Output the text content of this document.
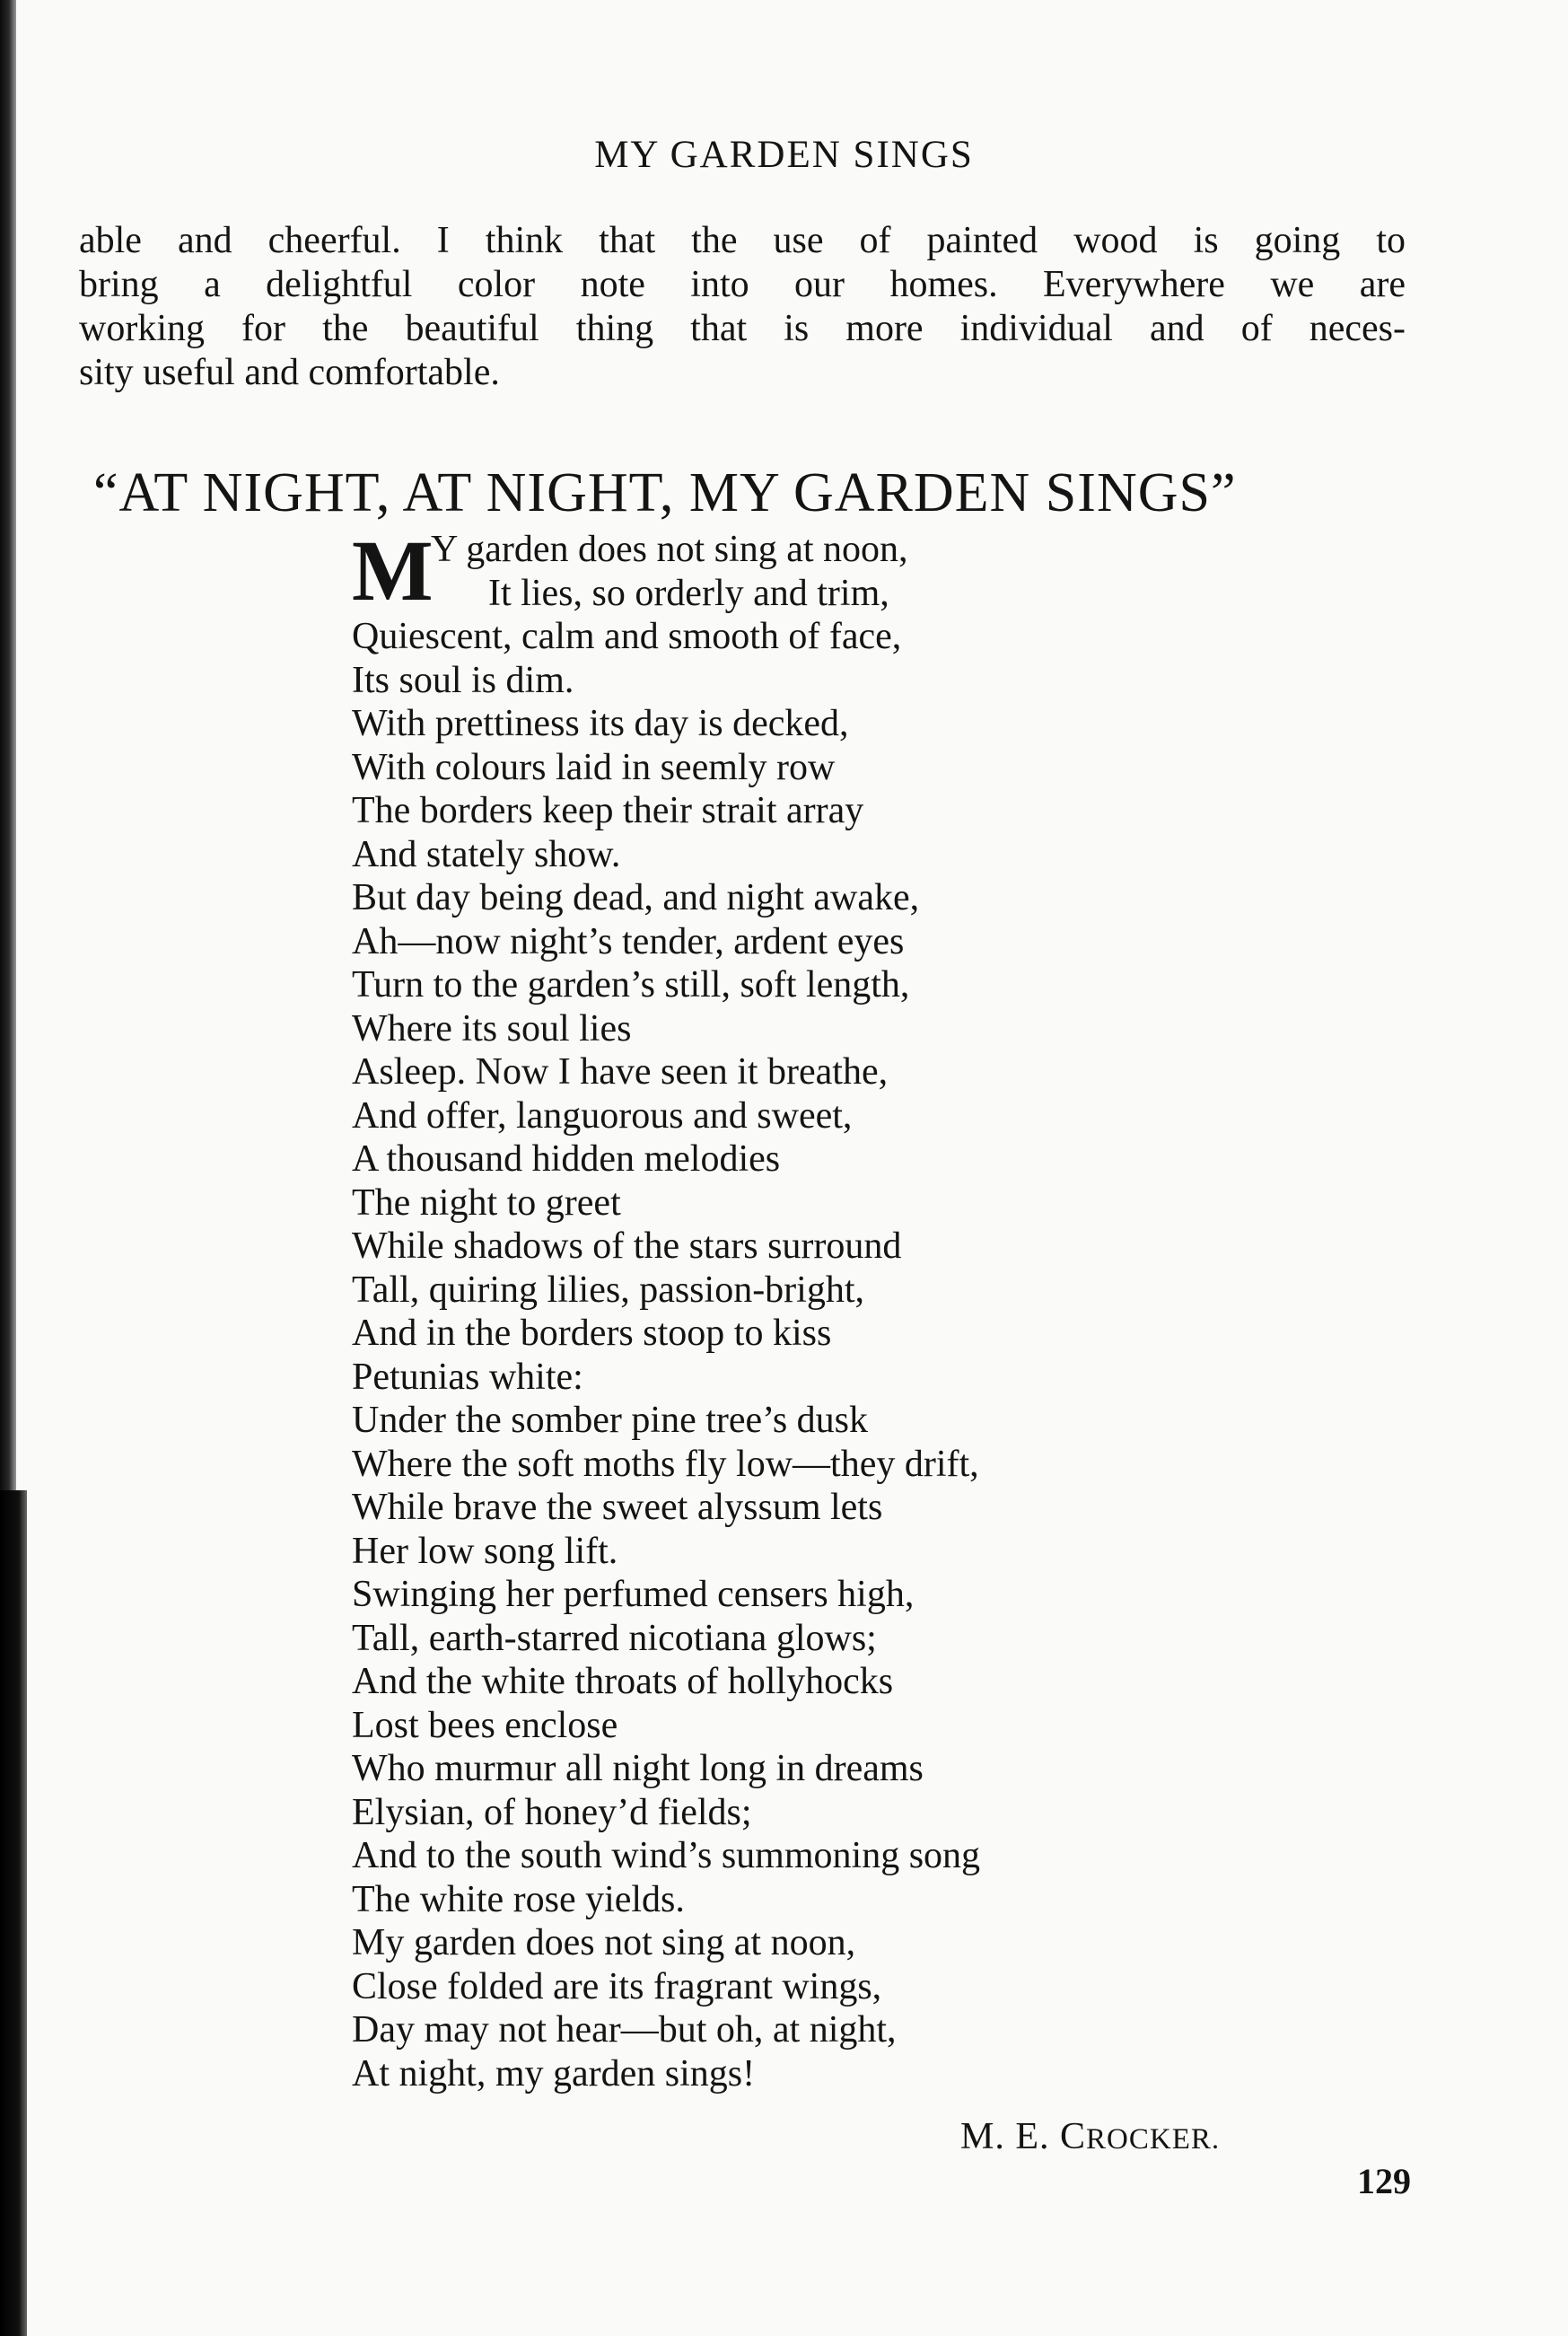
MY GARDEN SINGS
able and cheerful. I think that the use of painted wood is going to
bring a delightful color note into our homes. Everywhere we are
working for the beautiful thing that is more individual and of neces-
sity useful and comfortable.
“AT NIGHT, AT NIGHT, MY GARDEN SINGS”
M
Y garden does not sing at noon,
It lies, so orderly and trim,
Quiescent, calm and smooth of face,
Its soul is dim.
With prettiness its day is decked,
With colours laid in seemly row
The borders keep their strait array
And stately show.
But day being dead, and night awake,
Ah—now night’s tender, ardent eyes
Turn to the garden’s still, soft length,
Where its soul lies
Asleep. Now I have seen it breathe,
And offer, languorous and sweet,
A thousand hidden melodies
The night to greet
While shadows of the stars surround
Tall, quiring lilies, passion-bright,
And in the borders stoop to kiss
Petunias white:
Under the somber pine tree’s dusk
Where the soft moths fly low—they drift,
While brave the sweet alyssum lets
Her low song lift.
Swinging her perfumed censers high,
Tall, earth-starred nicotiana glows;
And the white throats of hollyhocks
Lost bees enclose
Who murmur all night long in dreams
Elysian, of honey’d fields;
And to the south wind’s summoning song
The white rose yields.
My garden does not sing at noon,
Close folded are its fragrant wings,
Day may not hear—but oh, at night,
At night, my garden sings!
M. E. CROCKER.
129
